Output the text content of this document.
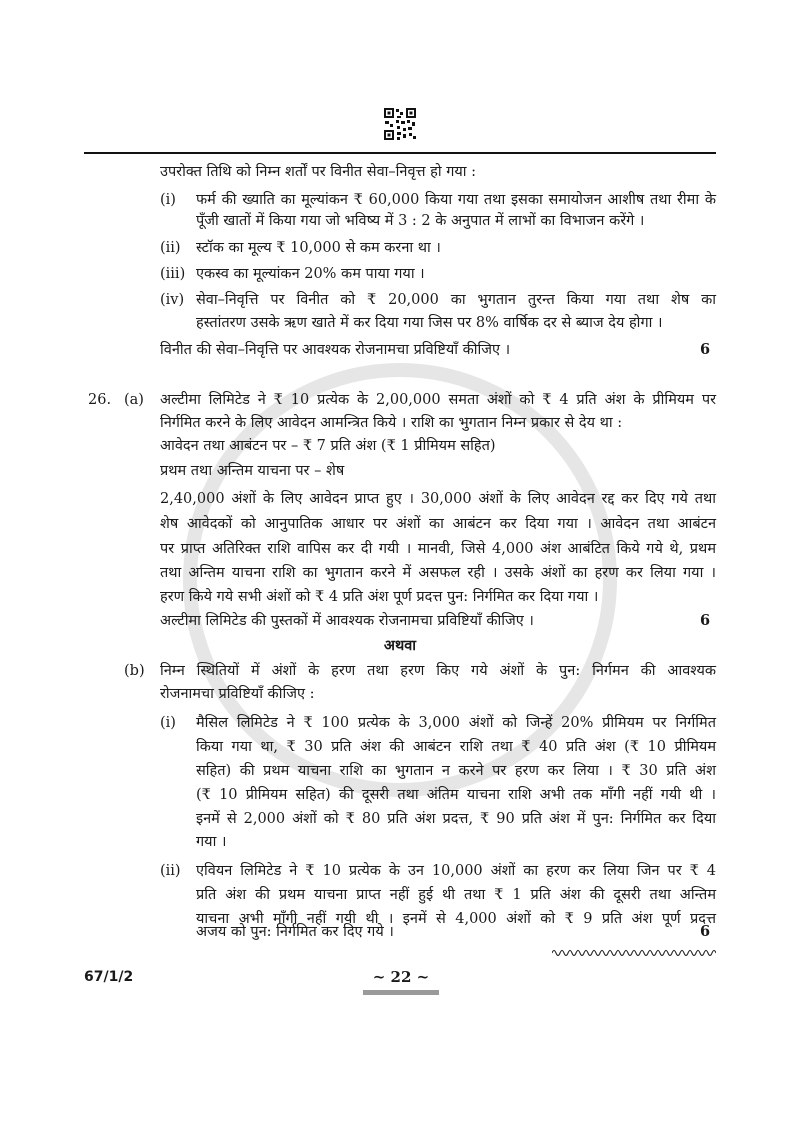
उपरोक्त तिथि को निम्न शर्तों पर विनीत सेवा–निवृत्त हो गया :
(i) फर्म की ख्याति का मूल्यांकन ₹ 60,000 किया गया तथा इसका समायोजन आशीष तथा रीमा के
पूँजी खातों में किया गया जो भविष्य में 3 : 2 के अनुपात में लाभों का विभाजन करेंगे ।
(ii) स्टॉक का मूल्य ₹ 10,000 से कम करना था ।
(iii) एकस्व का मूल्यांकन 20% कम पाया गया ।
(iv) सेवा–निवृत्ति पर विनीत को ₹ 20,000 का भुगतान तुरन्त किया गया तथा शेष का
हस्तांतरण उसके ऋण खाते में कर दिया गया जिस पर 8% वार्षिक दर से ब्याज देय होगा ।
विनीत की सेवा–निवृत्ति पर आवश्यक रोजनामचा प्रविष्टियाँ कीजिए ।	6
26. (a) अल्टीमा लिमिटेड ने ₹ 10 प्रत्येक के 2,00,000 समता अंशों को ₹ 4 प्रति अंश के प्रीमियम पर
निर्गमित करने के लिए आवेदन आमन्त्रित किये । राशि का भुगतान निम्न प्रकार से देय था :
आवेदन तथा आबंटन पर – ₹ 7 प्रति अंश (₹ 1 प्रीमियम सहित)
प्रथम तथा अन्तिम याचना पर – शेष
2,40,000 अंशों के लिए आवेदन प्राप्त हुए । 30,000 अंशों के लिए आवेदन रद्द कर दिए गये तथा
शेष आवेदकों को आनुपातिक आधार पर अंशों का आबंटन कर दिया गया । आवेदन तथा आबंटन
पर प्राप्त अतिरिक्त राशि वापिस कर दी गयी । मानवी, जिसे 4,000 अंश आबंटित किये गये थे, प्रथम
तथा अन्तिम याचना राशि का भुगतान करने में असफल रही । उसके अंशों का हरण कर लिया गया ।
हरण किये गये सभी अंशों को ₹ 4 प्रति अंश पूर्ण प्रदत्त पुन: निर्गमित कर दिया गया ।
अल्टीमा लिमिटेड की पुस्तकों में आवश्यक रोजनामचा प्रविष्टियाँ कीजिए ।	6
अथवा
(b) निम्न स्थितियों में अंशों के हरण तथा हरण किए गये अंशों के पुन: निर्गमन की आवश्यक
रोजनामचा प्रविष्टियाँ कीजिए :
(i) मैसिल लिमिटेड ने ₹ 100 प्रत्येक के 3,000 अंशों को जिन्हें 20% प्रीमियम पर निर्गमित
किया गया था, ₹ 30 प्रति अंश की आबंटन राशि तथा ₹ 40 प्रति अंश (₹ 10 प्रीमियम
सहित) की प्रथम याचना राशि का भुगतान न करने पर हरण कर लिया । ₹ 30 प्रति अंश
(₹ 10 प्रीमियम सहित) की दूसरी तथा अंतिम याचना राशि अभी तक माँगी नहीं गयी थी ।
इनमें से 2,000 अंशों को ₹ 80 प्रति अंश प्रदत्त, ₹ 90 प्रति अंश में पुन: निर्गमित कर दिया
गया ।
(ii) एवियन लिमिटेड ने ₹ 10 प्रत्येक के उन 10,000 अंशों का हरण कर लिया जिन पर ₹ 4
प्रति अंश की प्रथम याचना प्राप्त नहीं हुई थी तथा ₹ 1 प्रति अंश की दूसरी तथा अन्तिम
याचना अभी माँगी नहीं गयी थी । इनमें से 4,000 अंशों को ₹ 9 प्रति अंश पूर्ण प्रदत्त
अजय को पुन: निर्गमित कर दिए गये ।	6
67/1/2	~ 22 ~
